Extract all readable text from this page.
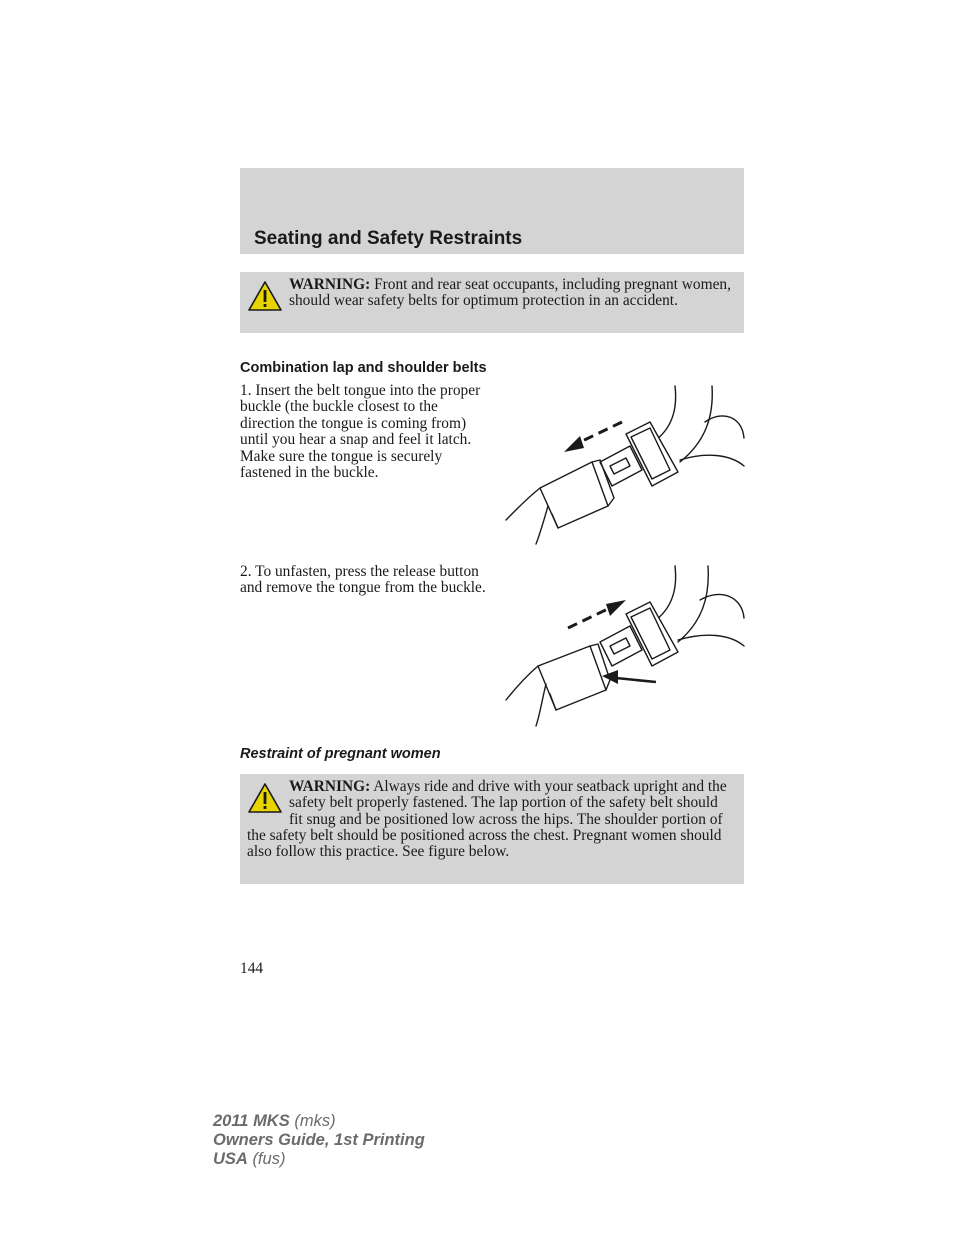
Seating and Safety Restraints
WARNING: Front and rear seat occupants, including pregnant women, should wear safety belts for optimum protection in an accident.
Combination lap and shoulder belts

1. Insert the belt tongue into the proper buckle (the buckle closest to the direction the tongue is coming from) until you hear a snap and feel it latch. Make sure the tongue is securely fastened in the buckle.

2. To unfasten, press the release button and remove the tongue from the buckle.

Restraint of pregnant women
WARNING: Always ride and drive with your seatback upright and the safety belt properly fastened. The lap portion of the safety belt should fit snug and be positioned low across the hips. The shoulder portion of the safety belt should be positioned across the chest. Pregnant women should also follow this practice. See figure below.
144
2011 MKS (mks)
Owners Guide, 1st Printing
USA (fus)
